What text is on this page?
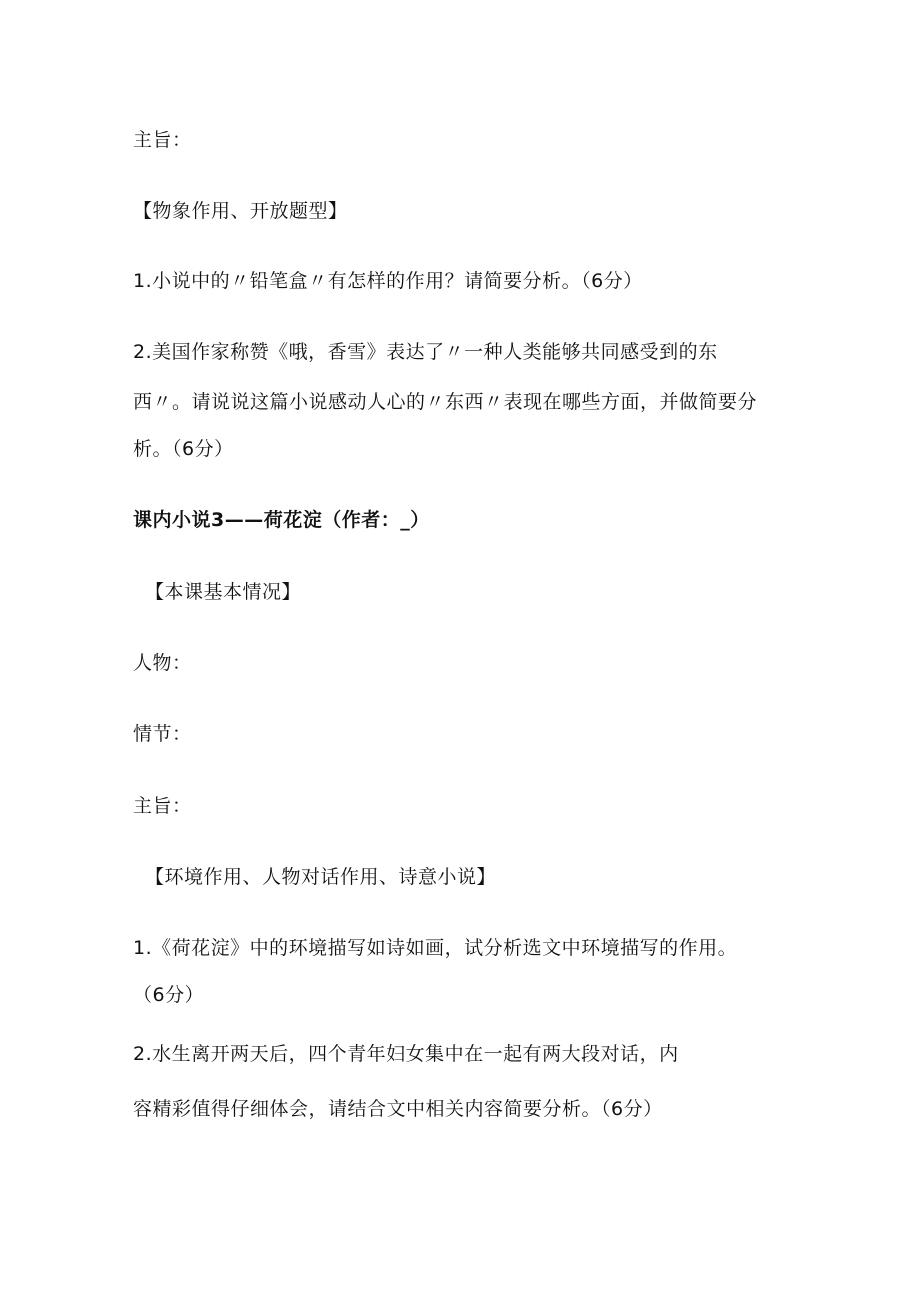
主旨：
【物象作用、开放题型】
1.小说中的〃铅笔盒〃有怎样的作用？请简要分析。（6分）
2.美国作家称赞《哦，香雪》表达了〃一种人类能够共同感受到的东
西〃。请说说这篇小说感动人心的〃东西〃表现在哪些方面，并做简要分
析。（6分）
课内小说3——荷花淀（作者：_）
【本课基本情况】
人物：
情节：
主旨：
【环境作用、人物对话作用、诗意小说】
1.《荷花淀》中的环境描写如诗如画，试分析选文中环境描写的作用。
（6分）
2.水生离开两天后，四个青年妇女集中在一起有两大段对话，内
容精彩值得仔细体会，请结合文中相关内容简要分析。（6分）
